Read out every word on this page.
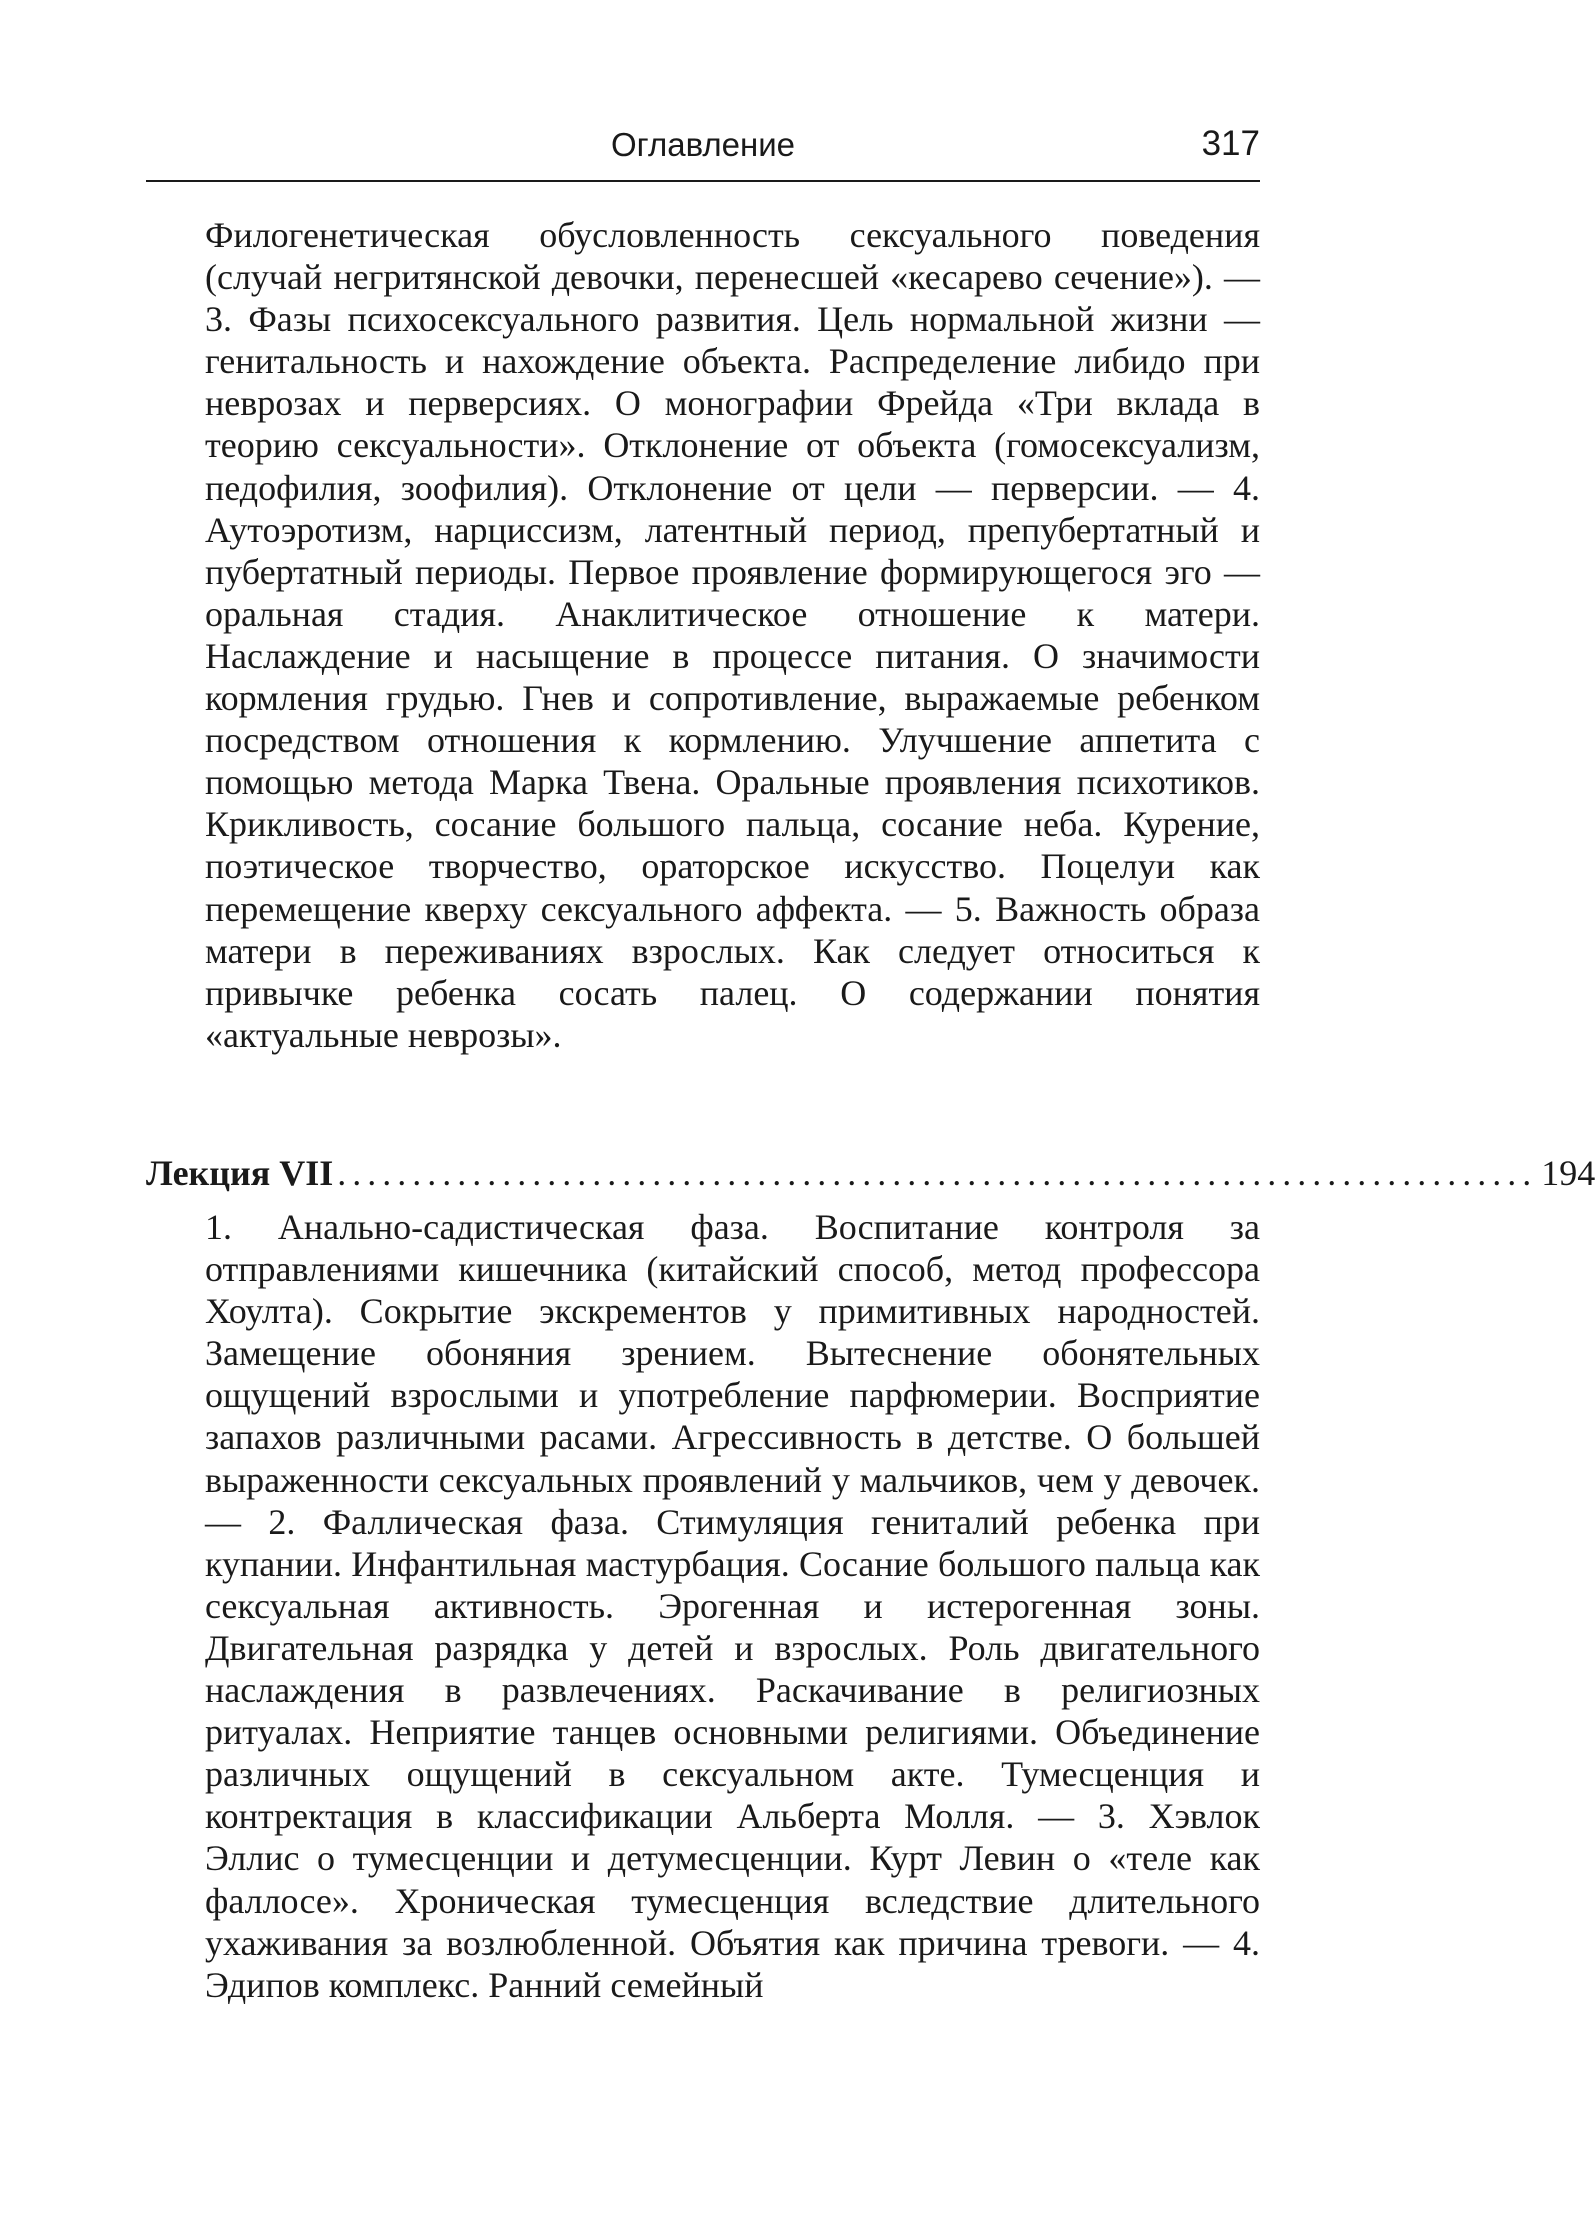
Оглавление	317
Филогенетическая обусловленность сексуального поведения (случай негритянской девочки, перенесшей «кесарево сечение»). — 3. Фазы психосексуального развития. Цель нормальной жизни — генитальность и нахождение объекта. Распределение либидо при неврозах и перверсиях. О монографии Фрейда «Три вклада в теорию сексуальности». Отклонение от объекта (гомосексуализм, педофилия, зоофилия). Отклонение от цели — перверсии. — 4. Аутоэротизм, нарциссизм, латентный период, препубертатный и пубертатный периоды. Первое проявление формирующегося эго — оральная стадия. Анаклитическое отношение к матери. Наслаждение и насыщение в процессе питания. О значимости кормления грудью. Гнев и сопротивление, выражаемые ребенком посредством отношения к кормлению. Улучшение аппетита с помощью метода Марка Твена. Оральные проявления психотиков. Крикливость, сосание большого пальца, сосание неба. Курение, поэтическое творчество, ораторское искусство. Поцелуи как перемещение кверху сексуального аффекта. — 5. Важность образа матери в переживаниях взрослых. Как следует относиться к привычке ребенка сосать палец. О содержании понятия «актуальные неврозы».
Лекция VII ................................................................................ 194
1. Анально-садистическая фаза. Воспитание контроля за отправлениями кишечника (китайский способ, метод профессора Хоулта). Сокрытие экскрементов у примитивных народностей. Замещение обоняния зрением. Вытеснение обонятельных ощущений взрослыми и употребление парфюмерии. Восприятие запахов различными расами. Агрессивность в детстве. О большей выраженности сексуальных проявлений у мальчиков, чем у девочек. — 2. Фаллическая фаза. Стимуляция гениталий ребенка при купании. Инфантильная мастурбация. Сосание большого пальца как сексуальная активность. Эрогенная и истерогенная зоны. Двигательная разрядка у детей и взрослых. Роль двигательного наслаждения в развлечениях. Раскачивание в религиозных ритуалах. Неприятие танцев основными религиями. Объединение различных ощущений в сексуальном акте. Тумесценция и контректация в классификации Альберта Молля. — 3. Хэвлок Эллис о тумесценции и детумесценции. Курт Левин о «теле как фаллосе». Хроническая тумесценция вследствие длительного ухаживания за возлюбленной. Объятия как причина тревоги. — 4. Эдипов комплекс. Ранний семейный
